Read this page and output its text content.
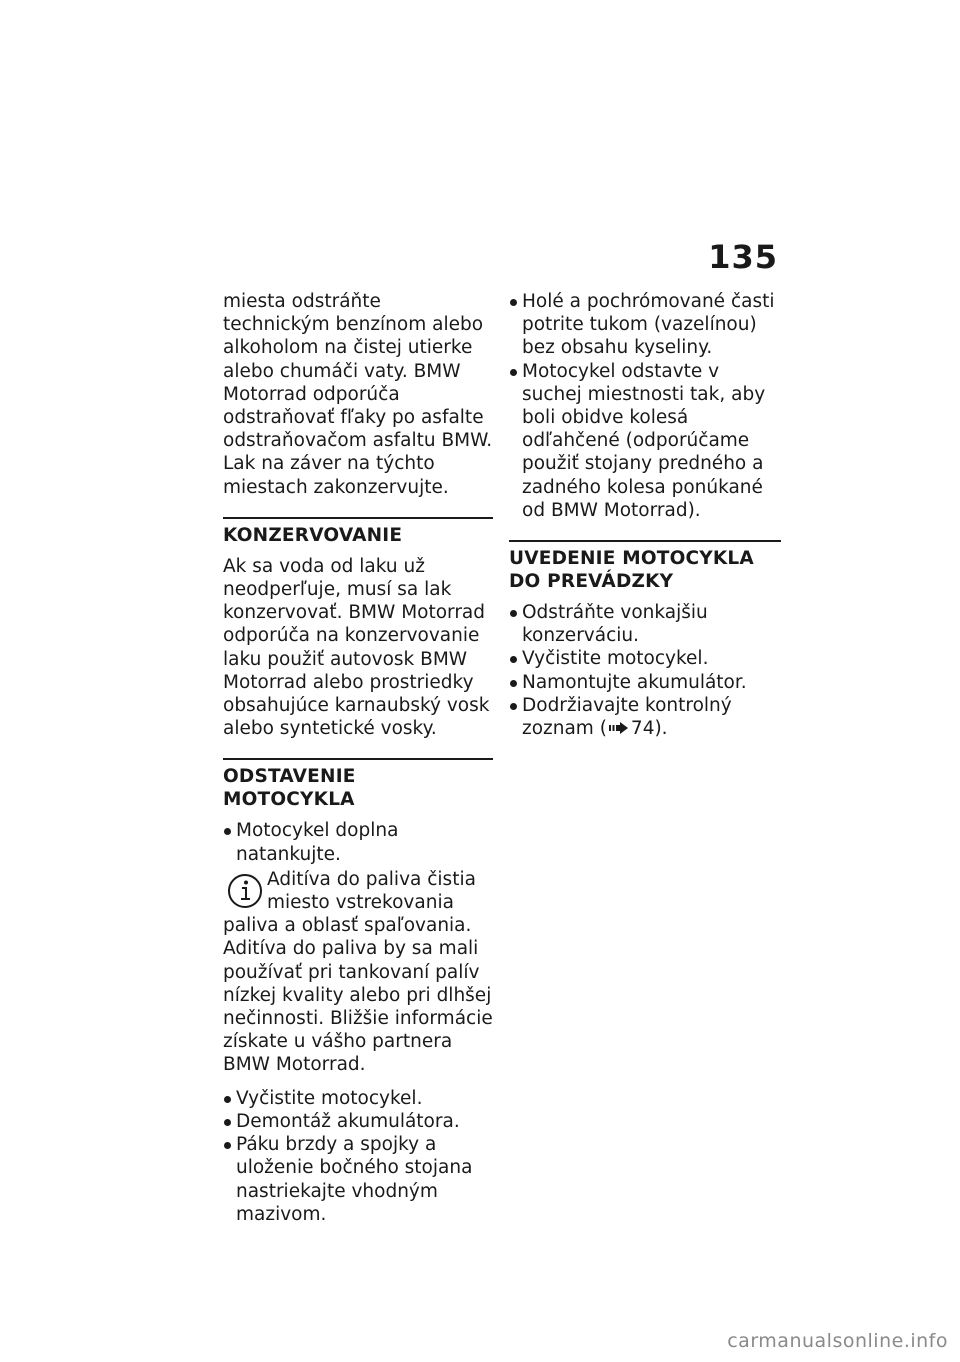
135

miesta odstráňte technickým benzínom alebo alkoholom na čistej utierke alebo chumáči vaty. BMW Motorrad odporúča odstraňovať fľaky po asfalte odstraňovačom asfaltu BMW. Lak na záver na týchto miestach zakonzervujte.

KONZERVOVANIE

Ak sa voda od laku už neodperľuje, musí sa lak konzervovať. BMW Motorrad odporúča na konzervovanie laku použiť autovosk BMW Motorrad alebo prostriedky obsahujúce karnaubský vosk alebo syntetické vosky.

ODSTAVENIE MOTOCYKLA
Motocykel doplna natankujte.
Aditíva do paliva čistia miesto vstrekovania

paliva a oblasť spaľovania. Aditíva do paliva by sa mali používať pri tankovaní palív nízkej kvality alebo pri dlhšej nečinnosti. Bližšie informácie získate u vášho partnera BMW Motorrad.

Vyčistite motocykel.
Demontáž akumulátora.
Páku brzdy a spojky a uloženie bočného stojana nastriekajte vhodným mazivom.
Holé a pochrómované časti potrite tukom (vazelínou) bez obsahu kyseliny.
Motocykel odstavte v suchej miestnosti tak, aby boli obidve kolesá odľahčené (odporúčame použiť stojany predného a zadného kolesa ponúkané od BMW Motorrad).
UVEDENIE MOTOCYKLA DO PREVÁDZKY
Odstráňte vonkajšiu konzerváciu.
Vyčistite motocykel.
Namontujte akumulátor.
Dodržiavajte kontrolný zoznam ( 74).
carmanualsonline.info
